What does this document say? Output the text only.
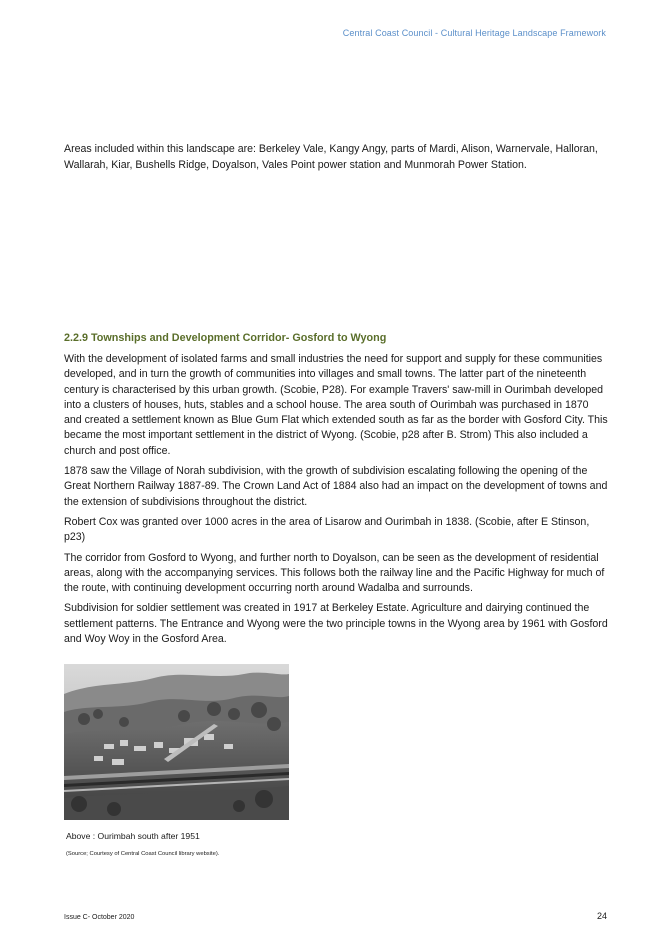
Central Coast Council - Cultural Heritage Landscape Framework

Areas included within this landscape are: Berkeley Vale, Kangy Angy, parts of Mardi, Alison, Warnervale, Halloran, Wallarah, Kiar, Bushells Ridge, Doyalson, Vales Point power station and Munmorah Power Station.

2.2.9 Townships and Development Corridor- Gosford to Wyong

With the development of isolated farms and small industries the need for support and supply for these communities developed, and in turn the growth of communities into villages and small towns. The latter part of the nineteenth century is characterised by this urban growth. (Scobie, P28). For example Travers' saw-mill in Ourimbah developed into a clusters of houses, huts, stables and a school house. The area south of Ourimbah was purchased in 1870 and created a settlement known as Blue Gum Flat which extended south as far as the border with Gosford City. This became the most important settlement in the district of Wyong. (Scobie, p28 after B. Strom) This also included a church and post office.

1878 saw the Village of Norah subdivision, with the growth of subdivision escalating following the opening of the Great Northern Railway 1887-89. The Crown Land Act of 1884 also had an impact on the development of towns and the extension of subdivisions throughout the district.

Robert Cox was granted over 1000 acres in the area of Lisarow and Ourimbah in 1838. (Scobie, after E Stinson, p23)

The corridor from Gosford to Wyong, and further north to Doyalson, can be seen as the development of residential areas, along with the accompanying services. This follows both the railway line and the Pacific Highway for much of the route, with continuing development occurring north around Wadalba and surrounds.

Subdivision for soldier settlement was created in 1917 at Berkeley Estate. Agriculture and dairying continued the settlement patterns. The Entrance and Wyong were the two principle towns in the Wyong area by 1961 with Gosford and Woy Woy in the Gosford Area.

Above : Ourimbah south after 1951

(Source; Courtesy of Central Coast Council library website).

Issue C- October 2020	24
